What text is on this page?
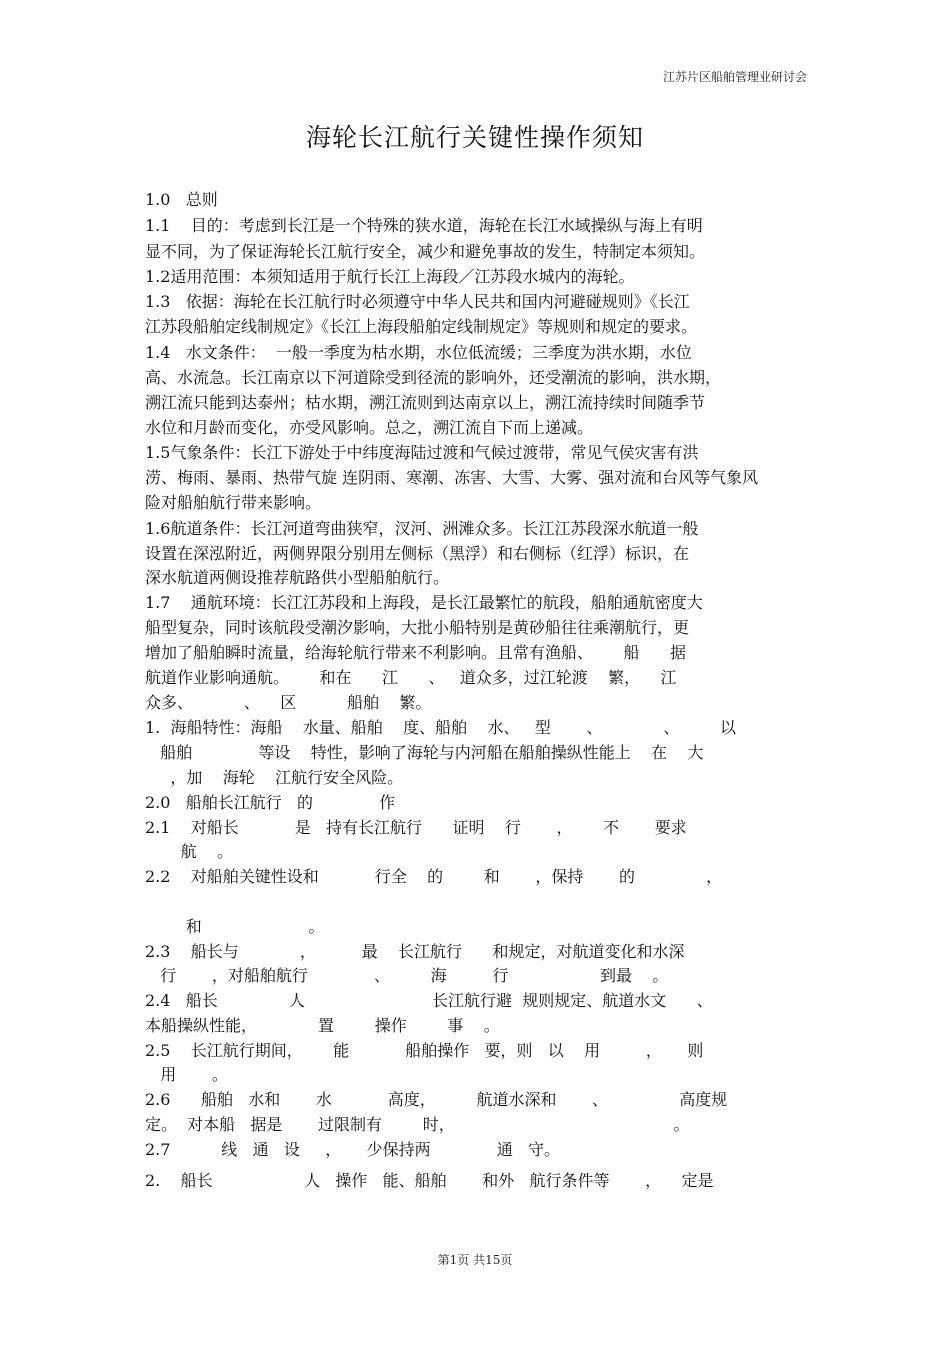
江苏片区船舶管理业研讨会
海轮长江航行关键性操作须知
1.0   总则
1.1    目的：考虑到长江是一个特殊的狭水道，海轮在长江水域操纵与海上有明
显不同，为了保证海轮长江航行安全，减少和避免事故的发生，特制定本须知。
1.2适用范围：本须知适用于航行长江上海段／江苏段水城内的海轮。
1.3   依据：海轮在长江航行时必须遵守中华人民共和国内河避碰规则》《长江
江苏段船舶定线制规定》《长江上海段船舶定线制规定》等规则和规定的要求。
1.4   水文条件：  一般一季度为枯水期，水位低流缓；三季度为洪水期，水位
高、水流急。长江南京以下河道除受到径流的影响外，还受潮流的影响，洪水期，
溯江流只能到达泰州；枯水期，溯江流则到达南京以上，溯江流持续时间随季节
水位和月龄而变化，亦受风影响。总之，溯江流自下而上递减。
1.5气象条件：长江下游处于中纬度海陆过渡和气候过渡带，常见气侯灾害有洪
涝、梅雨、暴雨、热带气旋 连阴雨、寒潮、冻害、大雪、大雾、强对流和台风等气象风
险对船舶航行带来影响。
1.6航道条件：长江河道弯曲狭窄，汊河、洲滩众多。长江江苏段深水航道一般
设置在深泓附近，两侧界限分别用左侧标（黑浮）和右侧标（红浮）标识，在
深水航道两侧设推荐航路供小型船舶航行。
1.7    通航环境：长江江苏段和上海段，是长江最繁忙的航段，船舶通航密度大
船型复杂，同时该航段受潮汐影响，大批小船特别是黄砂船往往乘潮航行，更
增加了船舶瞬时流量，给海轮航行带来不利影响。且常有渔船、      船      据
航道作业影响通航。      和在      江      、   道众多，过江轮渡    繁，    江
众多、          、    区          船舶    繁。
1.  海船特性：海船    水量、船舶    度、船舶    水、   型       、            、        以
船舶             等设    特性，影响了海轮与内河船在船舶操纵性能上    在    大
，加    海轮    江航行安全风险。
2.0   船舶长江航行   的             作
2.1    对船长           是   持有长江航行      证明    行       ，      不       要求
航    。
2.2    对船舶关键性设和           行全    的        和       ，保持       的              ，
和                     。
2.3    船长与            ，         最    长江航行      和规定，对航道变化和水深
行       ，对船舶航行             、        海         行                  到最    。
2.4   船长              人                         长江航行避  规则规定、航道水文      、
本船操纵性能，            置        操作        事    。
2.5    长江航行期间，      能           船舶操作   要，则   以    用         ，     则
用       。
2.6      船舶   水和       水           高度，        航道水深和       、              高度规
定。  对本船   据是       过限制有        时，                                           。
2.7          线   通   设     ，     少保持两             通   守。
2.    船长                  人   操作   能、船舶       和外   航行条件等       ，    定是
第1页 共15页
